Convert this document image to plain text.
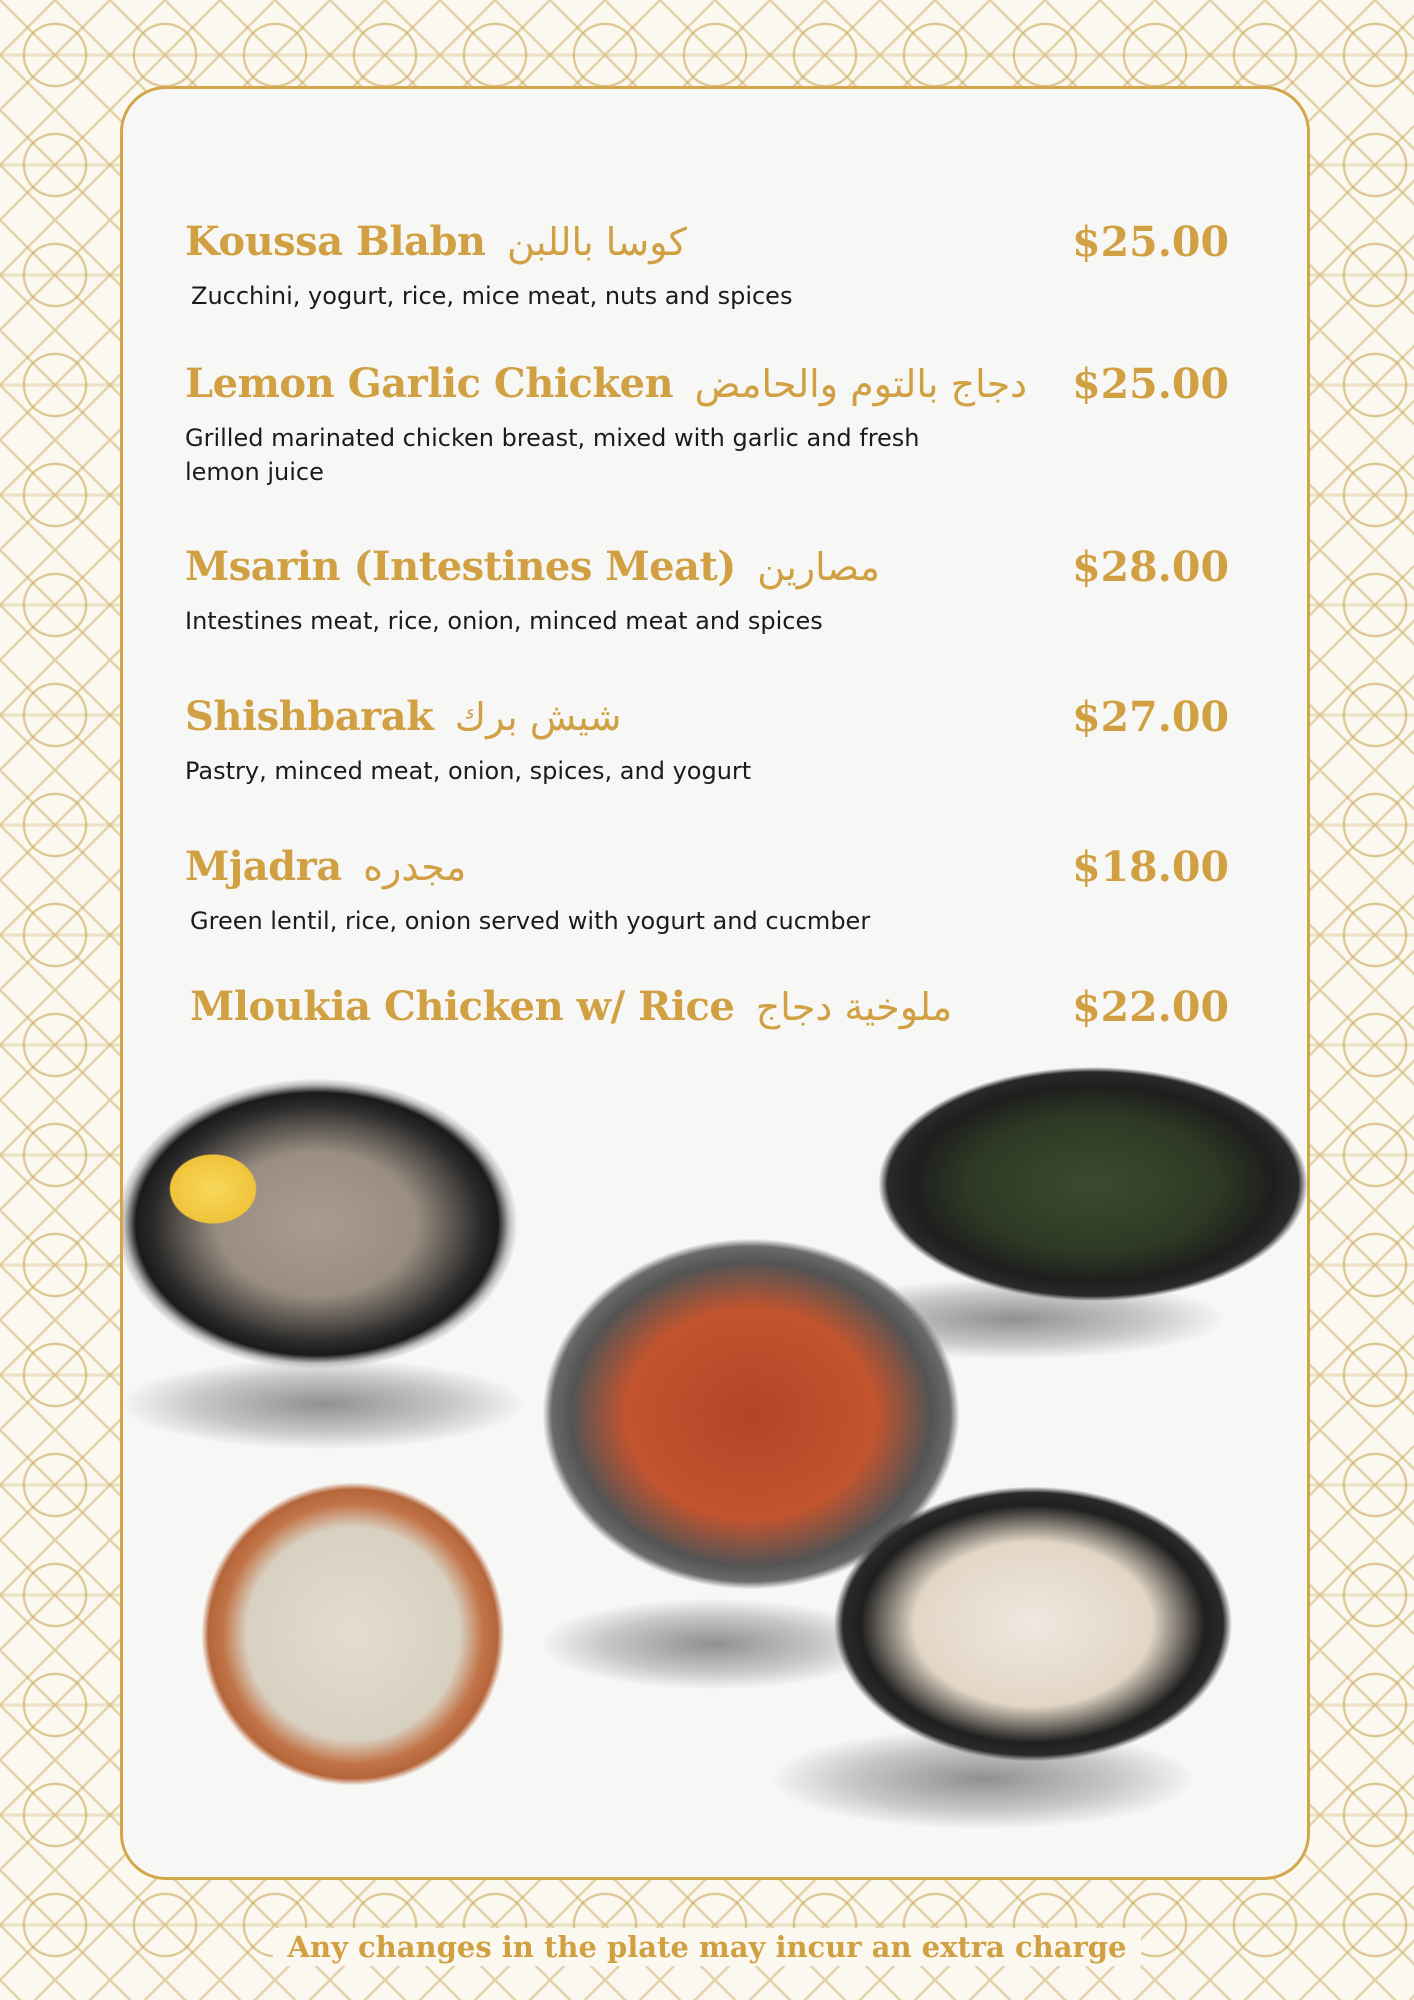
Koussa Blabn كوسا باللبن	$25.00
Zucchini, yogurt, rice, mice meat, nuts and spices
Lemon Garlic Chicken دجاج بالتوم والحامض	$25.00
Grilled marinated chicken breast, mixed with garlic and fresh lemon juice
Msarin (Intestines Meat) مصارين	$28.00
Intestines meat, rice, onion, minced meat and spices
Shishbarak شيش برك	$27.00
Pastry, minced meat, onion, spices, and yogurt
Mjadra مجدره	$18.00
Green lentil, rice, onion served with yogurt and cucmber
Mloukia Chicken w/ Rice ملوخية دجاج	$22.00
Any changes in the plate may incur an extra charge
